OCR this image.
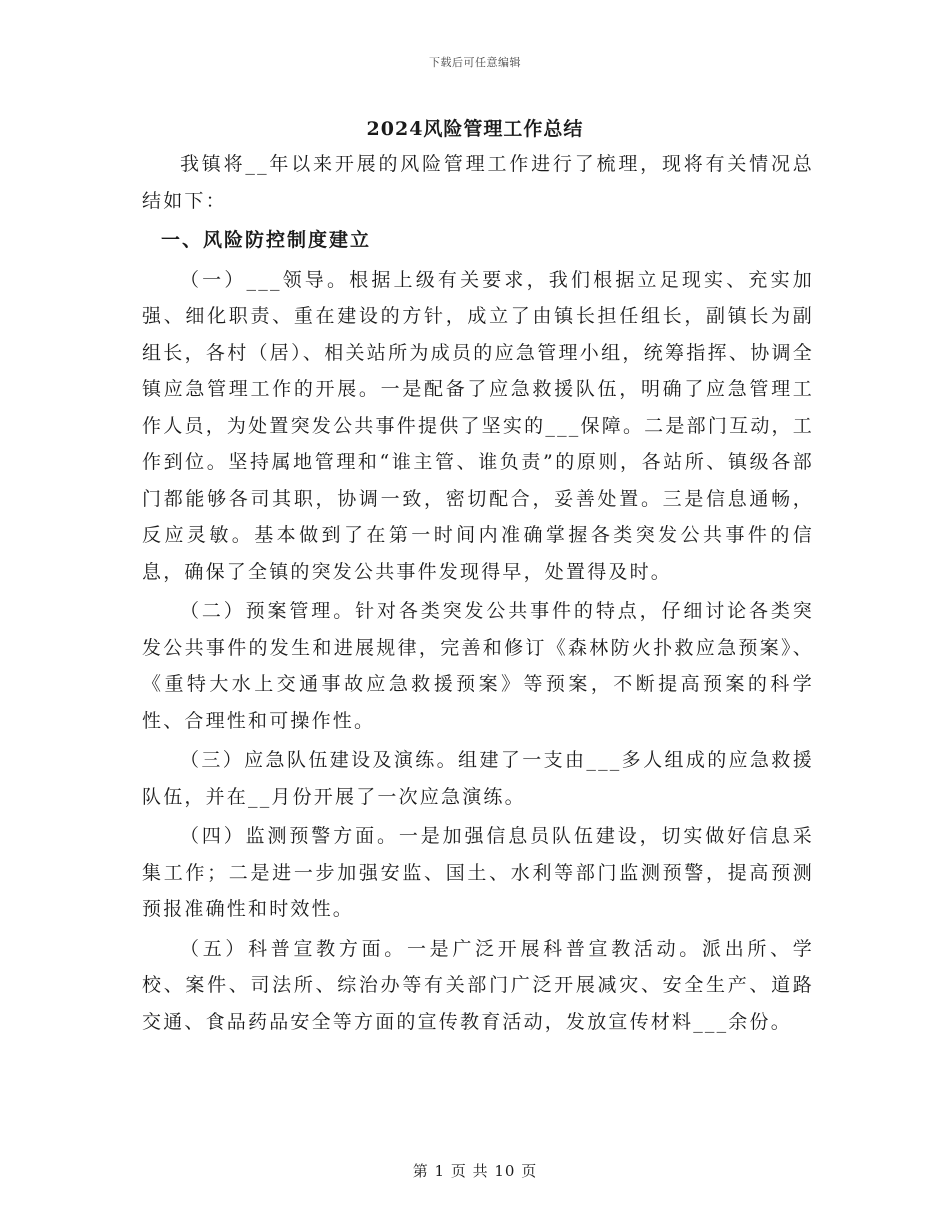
下载后可任意编辑
2024风险管理工作总结

我镇将__年以来开展的风险管理工作进行了梳理，现将有关情况总结如下：

一、风险防控制度建立

（一）___领导。根据上级有关要求，我们根据立足现实、充实加强、细化职责、重在建设的方针，成立了由镇长担任组长，副镇长为副组长，各村（居）、相关站所为成员的应急管理小组，统筹指挥、协调全镇应急管理工作的开展。一是配备了应急救援队伍，明确了应急管理工作人员，为处置突发公共事件提供了坚实的___保障。二是部门互动，工作到位。坚持属地管理和“谁主管、谁负责”的原则，各站所、镇级各部门都能够各司其职，协调一致，密切配合，妥善处置。三是信息通畅，反应灵敏。基本做到了在第一时间内准确掌握各类突发公共事件的信息，确保了全镇的突发公共事件发现得早，处置得及时。

（二）预案管理。针对各类突发公共事件的特点，仔细讨论各类突发公共事件的发生和进展规律，完善和修订《森林防火扑救应急预案》、《重特大水上交通事故应急救援预案》等预案，不断提高预案的科学性、合理性和可操作性。

（三）应急队伍建设及演练。组建了一支由___多人组成的应急救援队伍，并在__月份开展了一次应急演练。

（四）监测预警方面。一是加强信息员队伍建设，切实做好信息采集工作；二是进一步加强安监、国土、水利等部门监测预警，提高预测预报准确性和时效性。

（五）科普宣教方面。一是广泛开展科普宣教活动。派出所、学校、案件、司法所、综治办等有关部门广泛开展减灾、安全生产、道路交通、食品药品安全等方面的宣传教育活动，发放宣传材料___余份。

第 1 页 共 10 页
